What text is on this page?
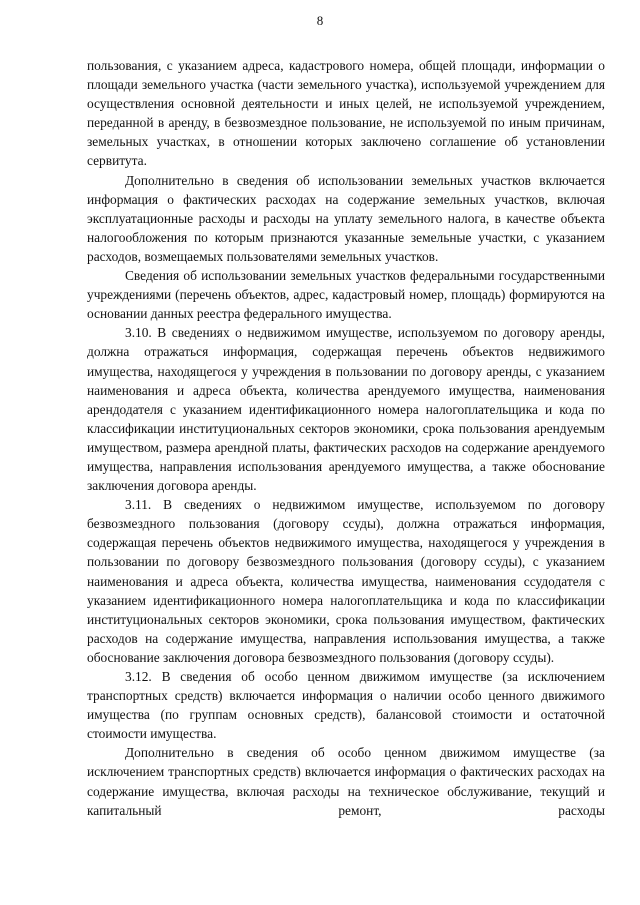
8

пользования, с указанием адреса, кадастрового номера, общей площади, информации о площади земельного участка (части земельного участка), используемой учреждением для осуществления основной деятельности и иных целей, не используемой учреждением, переданной в аренду, в безвозмездное пользование, не используемой по иным причинам, земельных участках, в отношении которых заключено соглашение об установлении сервитута.

Дополнительно в сведения об использовании земельных участков включается информация о фактических расходах на содержание земельных участков, включая эксплуатационные расходы и расходы на уплату земельного налога, в качестве объекта налогообложения по которым признаются указанные земельные участки, с указанием расходов, возмещаемых пользователями земельных участков.

Сведения об использовании земельных участков федеральными государственными учреждениями (перечень объектов, адрес, кадастровый номер, площадь) формируются на основании данных реестра федерального имущества.

3.10. В сведениях о недвижимом имуществе, используемом по договору аренды, должна отражаться информация, содержащая перечень объектов недвижимого имущества, находящегося у учреждения в пользовании по договору аренды, с указанием наименования и адреса объекта, количества арендуемого имущества, наименования арендодателя с указанием идентификационного номера налогоплательщика и кода по классификации институциональных секторов экономики, срока пользования арендуемым имуществом, размера арендной платы, фактических расходов на содержание арендуемого имущества, направления использования арендуемого имущества, а также обоснование заключения договора аренды.

3.11. В сведениях о недвижимом имуществе, используемом по договору безвозмездного пользования (договору ссуды), должна отражаться информация, содержащая перечень объектов недвижимого имущества, находящегося у учреждения в пользовании по договору безвозмездного пользования (договору ссуды), с указанием наименования и адреса объекта, количества имущества, наименования ссудодателя с указанием идентификационного номера налогоплательщика и кода по классификации институциональных секторов экономики, срока пользования имуществом, фактических расходов на содержание имущества, направления использования имущества, а также обоснование заключения договора безвозмездного пользования (договору ссуды).

3.12. В сведения об особо ценном движимом имуществе (за исключением транспортных средств) включается информация о наличии особо ценного движимого имущества (по группам основных средств), балансовой стоимости и остаточной стоимости имущества.

Дополнительно в сведения об особо ценном движимом имуществе (за исключением транспортных средств) включается информация о фактических расходах на содержание имущества, включая расходы на техническое обслуживание, текущий и капитальный ремонт, расходы
